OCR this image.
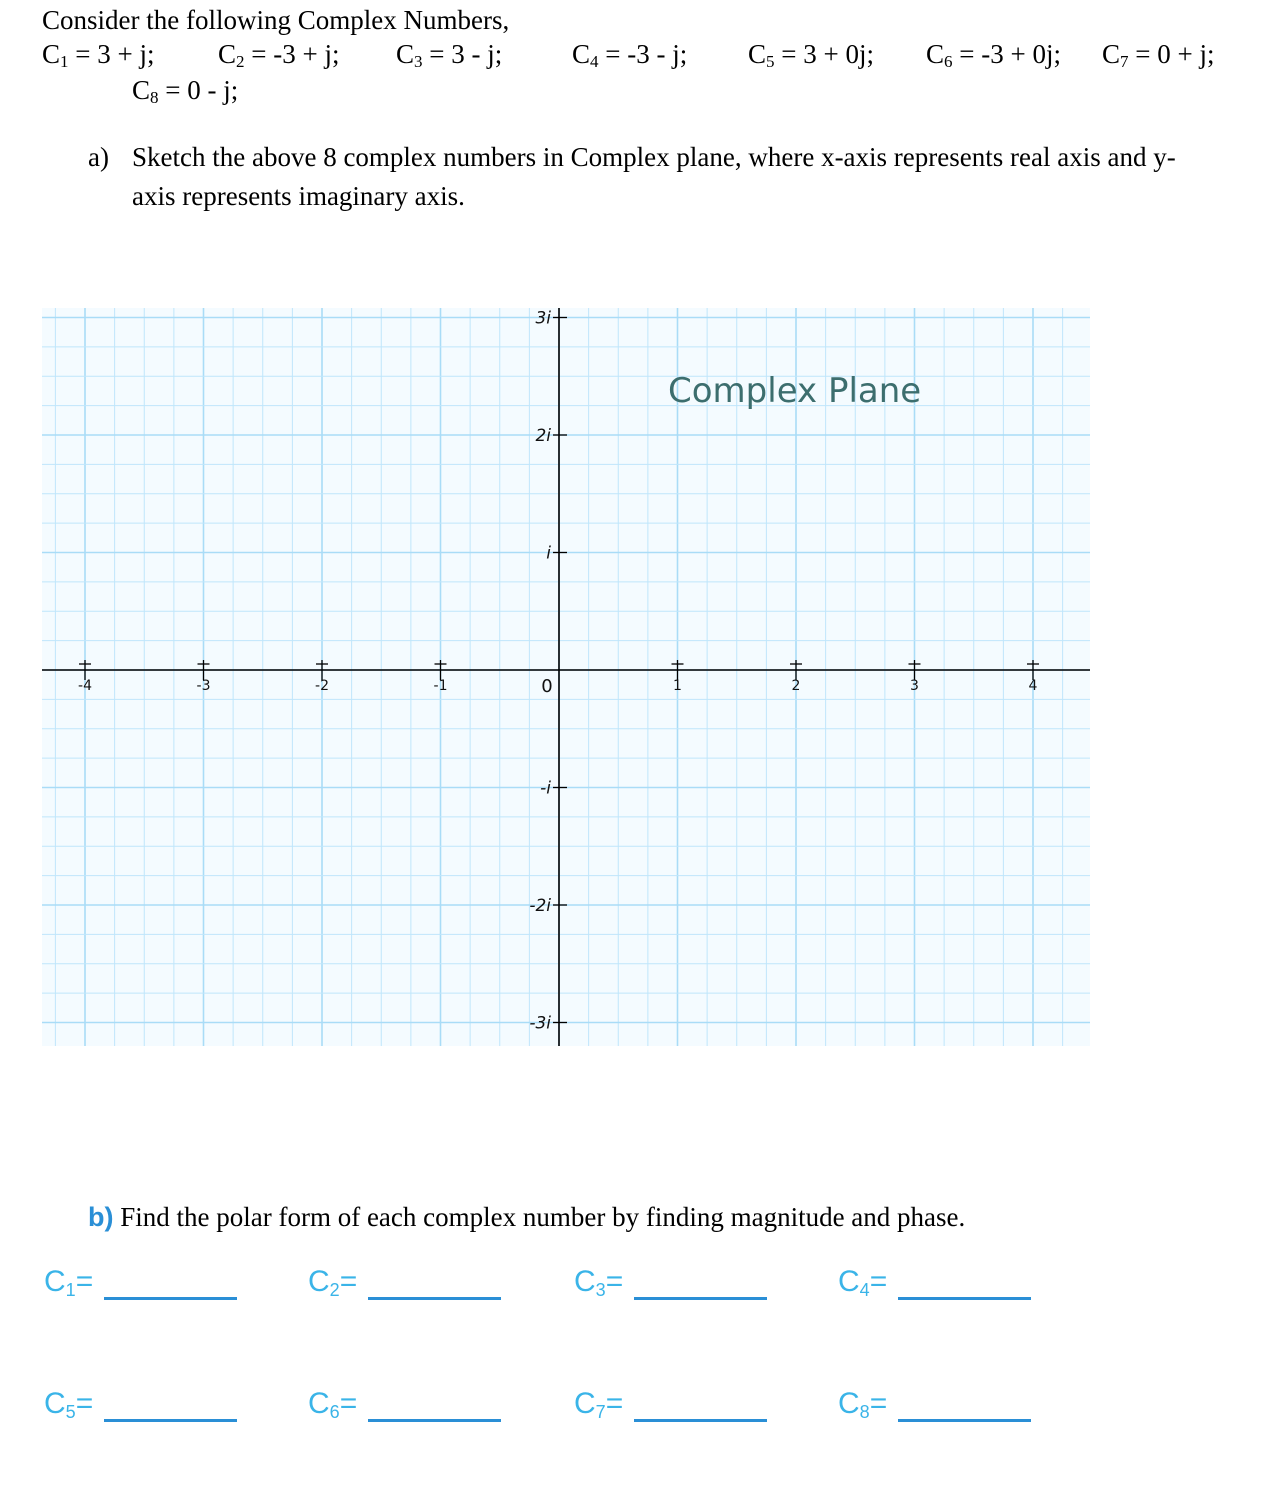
Consider the following Complex Numbers,
$C_1 = 3 + j$; $C_2 = -3 + j$; $C_3 = 3 - j$;	$C_4 = -3 - j$; $C_5 = 3 + 0j$; $C_6 = -3 + 0j$; $C_7 = 0 + j$;
$C_8 = 0 - j$;
a) Sketch the above 8 complex numbers in Complex plane, where x-axis represents real axis and y-
axis represents imaginary axis.
-4	-3	-2	-1	0	1	2	3	4
3i
2i
i
-i
-2i
-3i
Complex Plane
b) Find the polar form of each complex number by finding magnitude and phase.
$C_1=$	$C_2=$	$C_3=$	$C_4=$
$C_5=$	$C_6=$	$C_7=$	$C_8=$
